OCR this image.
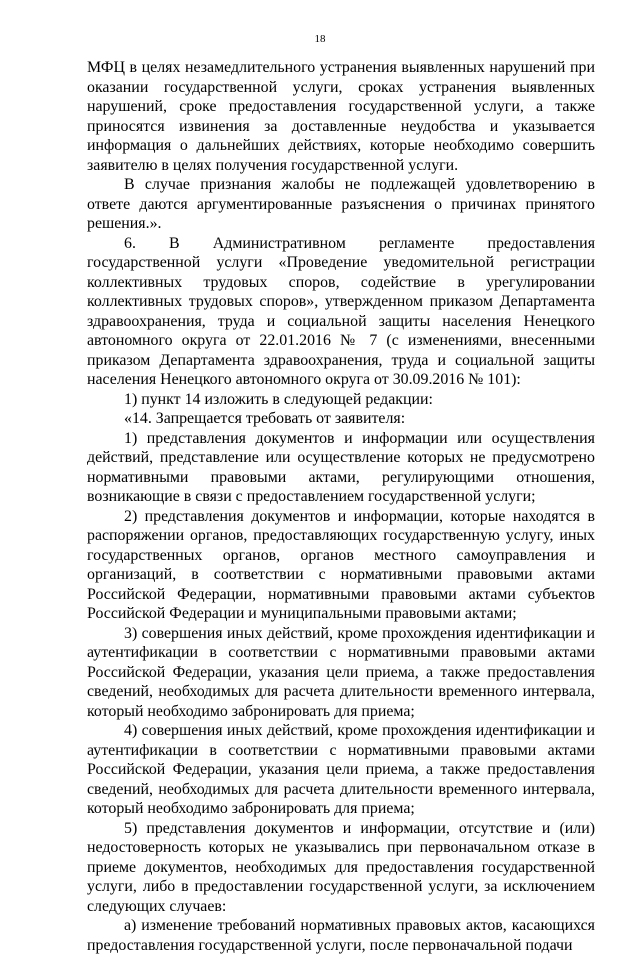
18

МФЦ в целях незамедлительного устранения выявленных нарушений при оказании государственной услуги, сроках устранения выявленных нарушений, сроке предоставления государственной услуги, а также приносятся извинения за доставленные неудобства и указывается информация о дальнейших действиях, которые необходимо совершить заявителю в целях получения государственной услуги.

В случае признания жалобы не подлежащей удовлетворению в ответе даются аргументированные разъяснения о причинах принятого решения.».

6. В Административном регламенте предоставления государственной услуги «Проведение уведомительной регистрации коллективных трудовых споров, содействие в урегулировании коллективных трудовых споров», утвержденном приказом Департамента здравоохранения, труда и социальной защиты населения Ненецкого автономного округа от 22.01.2016 № 7 (с изменениями, внесенными приказом Департамента здравоохранения, труда и социальной защиты населения Ненецкого автономного округа от 30.09.2016 № 101):

1) пункт 14 изложить в следующей редакции:

«14. Запрещается требовать от заявителя:

1) представления документов и информации или осуществления действий, представление или осуществление которых не предусмотрено нормативными правовыми актами, регулирующими отношения, возникающие в связи с предоставлением государственной услуги;

2) представления документов и информации, которые находятся в распоряжении органов, предоставляющих государственную услугу, иных государственных органов, органов местного самоуправления и организаций, в соответствии с нормативными правовыми актами Российской Федерации, нормативными правовыми актами субъектов Российской Федерации и муниципальными правовыми актами;

3) совершения иных действий, кроме прохождения идентификации и аутентификации в соответствии с нормативными правовыми актами Российской Федерации, указания цели приема, а также предоставления сведений, необходимых для расчета длительности временного интервала, который необходимо забронировать для приема;

4) совершения иных действий, кроме прохождения идентификации и аутентификации в соответствии с нормативными правовыми актами Российской Федерации, указания цели приема, а также предоставления сведений, необходимых для расчета длительности временного интервала, который необходимо забронировать для приема;

5) представления документов и информации, отсутствие и (или) недостоверность которых не указывались при первоначальном отказе в приеме документов, необходимых для предоставления государственной услуги, либо в предоставлении государственной услуги, за исключением следующих случаев:

а) изменение требований нормативных правовых актов, касающихся предоставления государственной услуги, после первоначальной подачи
